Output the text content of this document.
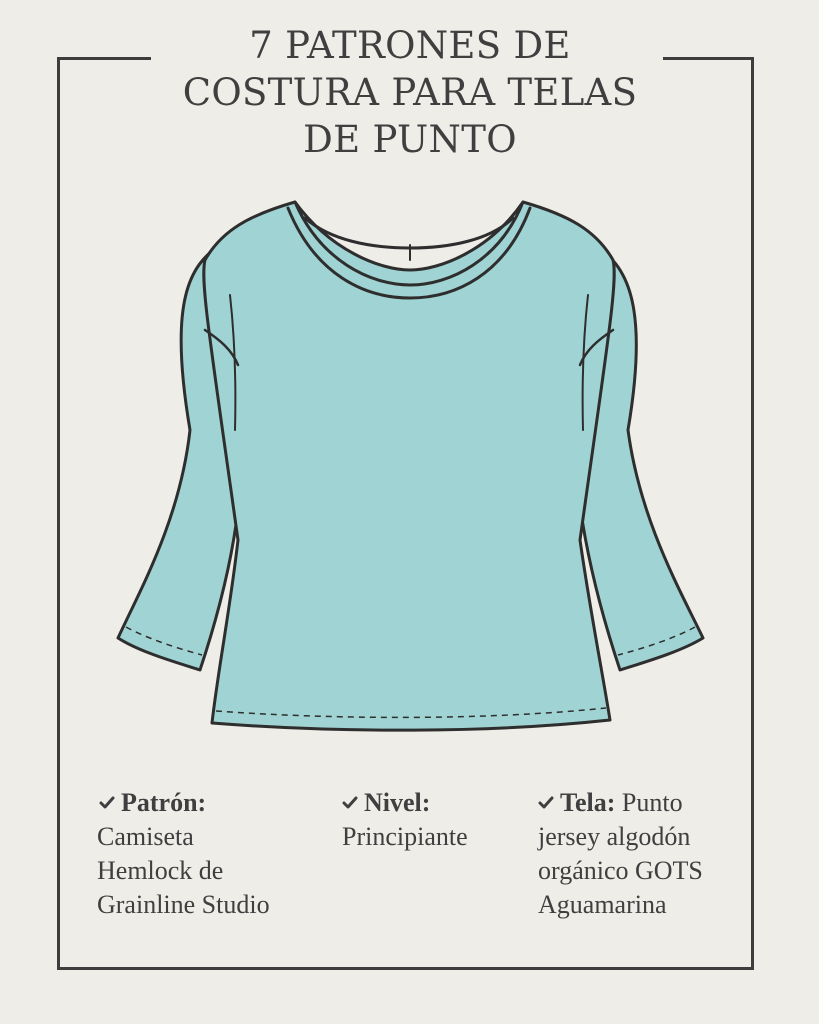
7 PATRONES DE
COSTURA PARA TELAS
DE PUNTO
Patrón:
Camiseta
Hemlock de
Grainline Studio
Nivel:
Principiante
Tela: Punto
jersey algodón
orgánico GOTS
Aguamarina
